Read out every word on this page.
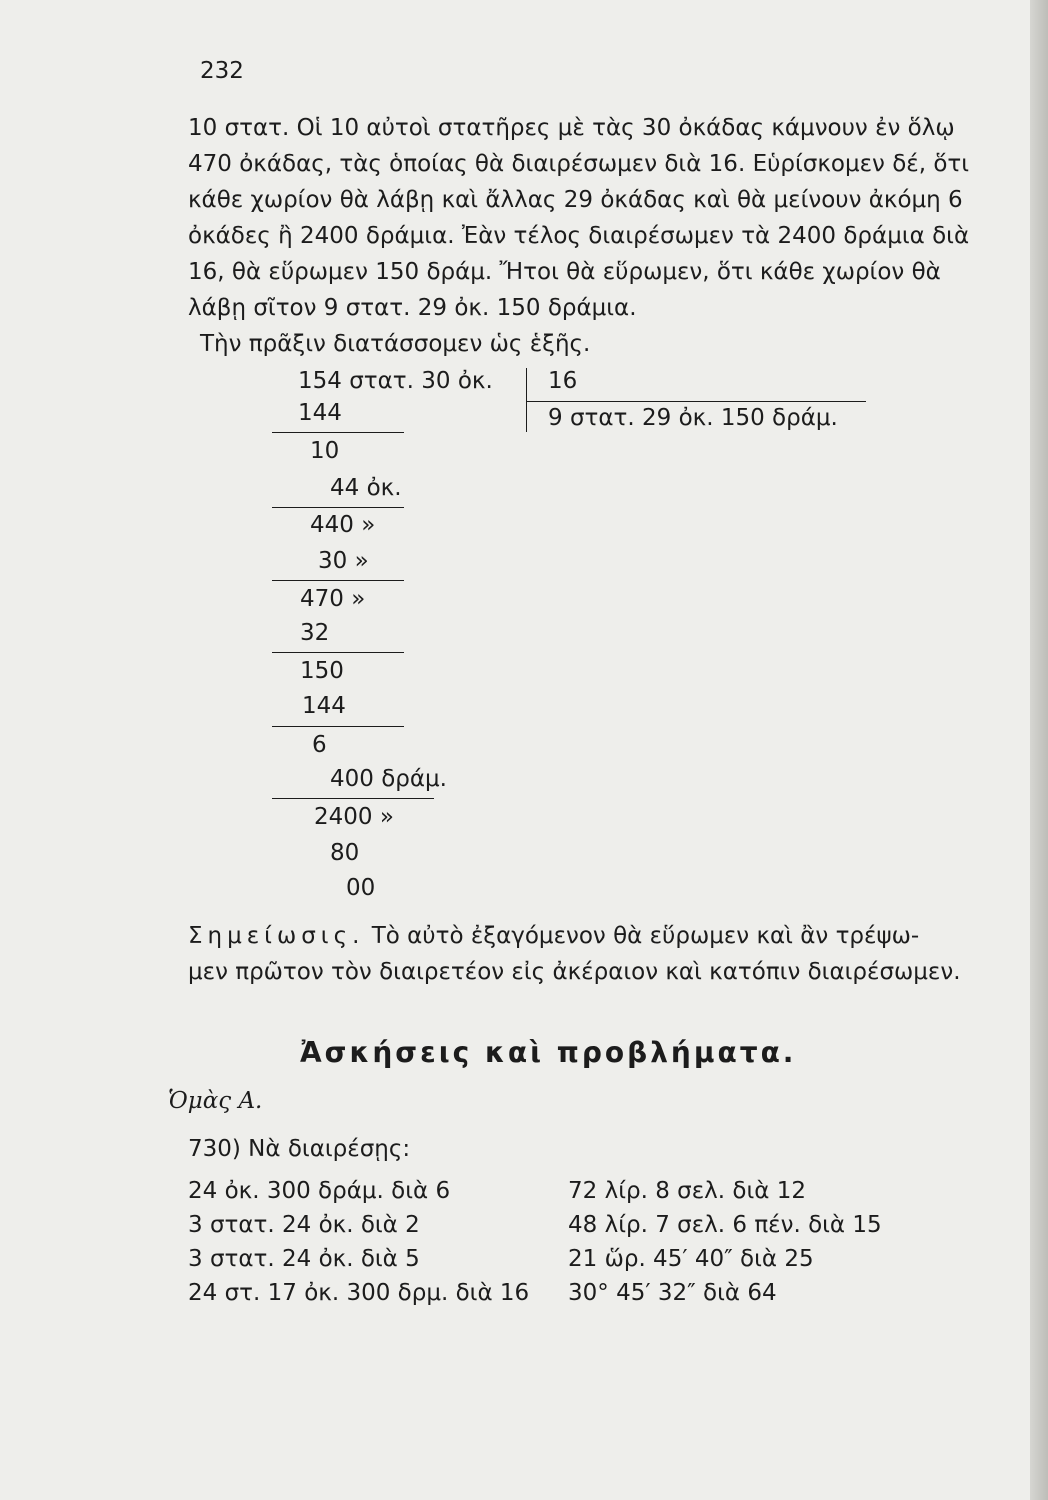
232
10 στατ. Οἱ 10 αὐτοὶ στατῆρες μὲ τὰς 30 ὀκάδας κάμνουν ἐν ὅλῳ
470 ὀκάδας, τὰς ὁποίας θὰ διαιρέσωμεν διὰ 16. Εὑρίσκομεν δέ, ὅτι
κάθε χωρίον θὰ λάβῃ καὶ ἄλλας 29 ὀκάδας καὶ θὰ μείνουν ἀκόμη 6
ὀκάδες ἢ 2400 δράμια. Ἐὰν τέλος διαιρέσωμεν τὰ 2400 δράμια διὰ
16, θὰ εὕρωμεν 150 δράμ. Ἤτοι θὰ εὕρωμεν, ὅτι κάθε χωρίον θὰ
λάβῃ σῖτον 9 στατ. 29 ὀκ. 150 δράμια.
Τὴν πρᾶξιν διατάσσομεν ὡς ἑξῆς.
154 στατ. 30 ὀκ. 16
9 στατ. 29 ὀκ. 150 δράμ.
144
10
44 ὀκ.
440 »
30 »
470 »
32
150
144
6
400 δράμ.
2400 »
80
00
Σημείωσις. Τὸ αὐτὸ ἐξαγόμενον θὰ εὕρωμεν καὶ ἂν τρέψω-
μεν πρῶτον τὸν διαιρετέον εἰς ἀκέραιον καὶ κατόπιν διαιρέσωμεν.
Ἀσκήσεις καὶ προβλήματα.
Ὁμὰς Α.
730) Νὰ διαιρέσῃς:
24 ὀκ. 300 δράμ. διὰ 6
3 στατ. 24 ὀκ. διὰ 2
3 στατ. 24 ὀκ. διὰ 5
24 στ. 17 ὀκ. 300 δρμ. διὰ 16
72 λίρ. 8 σελ. διὰ 12
48 λίρ. 7 σελ. 6 πέν. διὰ 15
21 ὥρ. 45′ 40″ διὰ 25
30° 45′ 32″ διὰ 64
